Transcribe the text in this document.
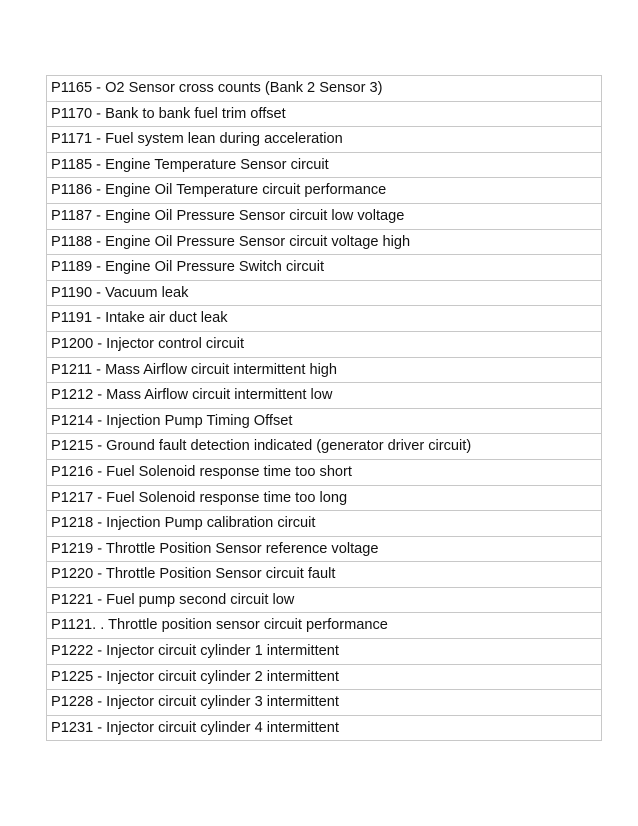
P1165 - O2 Sensor cross counts (Bank 2 Sensor 3)
P1170 - Bank to bank fuel trim offset
P1171 - Fuel system lean during acceleration
P1185 - Engine Temperature Sensor circuit
P1186 - Engine Oil Temperature circuit performance
P1187 - Engine Oil Pressure Sensor circuit low voltage
P1188 - Engine Oil Pressure Sensor circuit voltage high
P1189 - Engine Oil Pressure Switch circuit
P1190 - Vacuum leak
P1191 - Intake air duct leak
P1200 - Injector control circuit
P1211 - Mass Airflow circuit intermittent high
P1212 - Mass Airflow circuit intermittent low
P1214 - Injection Pump Timing Offset
P1215 - Ground fault detection indicated (generator driver circuit)
P1216 - Fuel Solenoid response time too short
P1217 - Fuel Solenoid response time too long
P1218 - Injection Pump calibration circuit
P1219 - Throttle Position Sensor reference voltage
P1220 - Throttle Position Sensor circuit fault
P1221 - Fuel pump second circuit low
P1121. . Throttle position sensor circuit performance
P1222 - Injector circuit cylinder 1 intermittent
P1225 - Injector circuit cylinder 2 intermittent
P1228 - Injector circuit cylinder 3 intermittent
P1231 - Injector circuit cylinder 4 intermittent
